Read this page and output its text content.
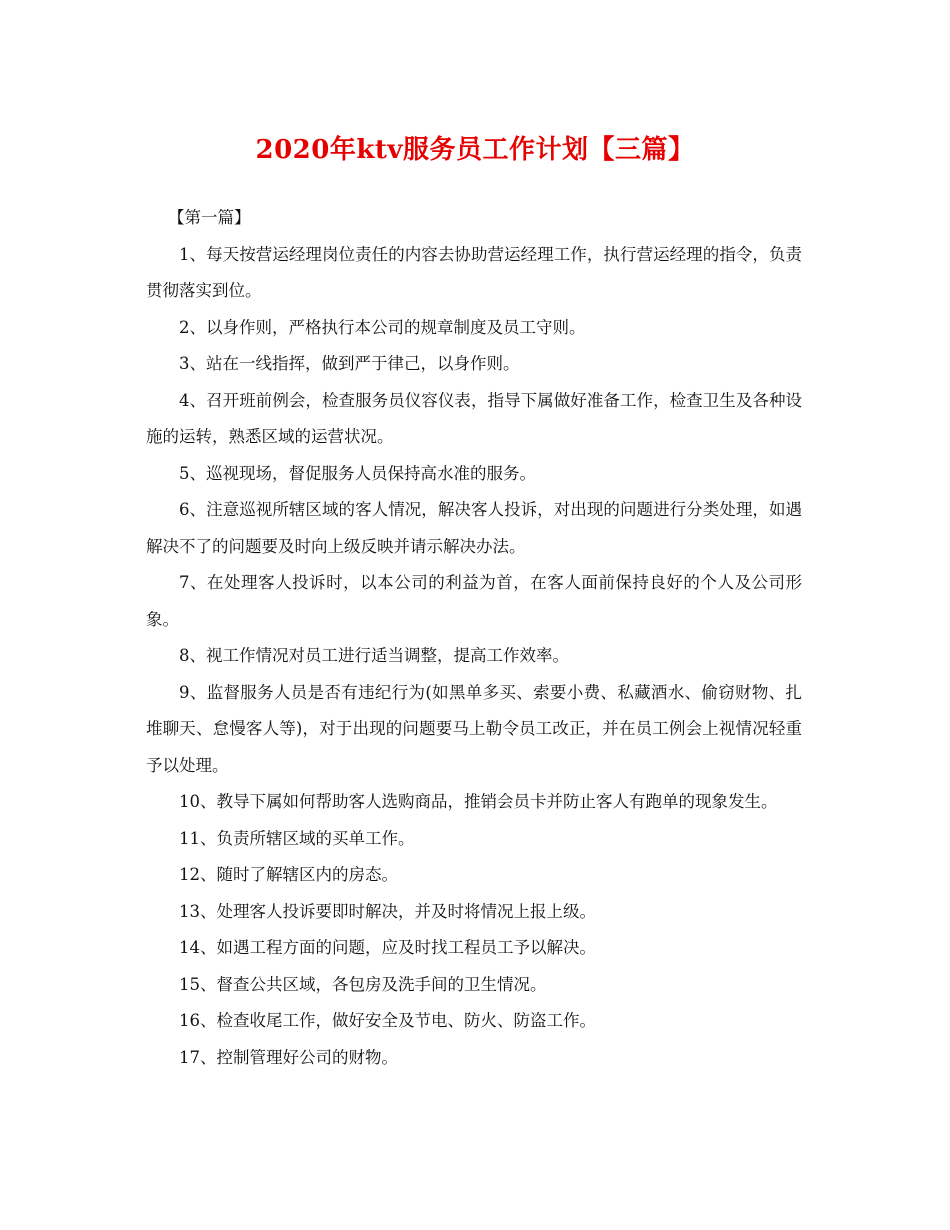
2020年ktv服务员工作计划【三篇】

【第一篇】

1、每天按营运经理岗位责任的内容去协助营运经理工作，执行营运经理的指令，负责贯彻落实到位。

2、以身作则，严格执行本公司的规章制度及员工守则。

3、站在一线指挥，做到严于律己，以身作则。

4、召开班前例会，检查服务员仪容仪表，指导下属做好准备工作，检查卫生及各种设施的运转，熟悉区域的运营状况。

5、巡视现场，督促服务人员保持高水准的服务。

6、注意巡视所辖区域的客人情况，解决客人投诉，对出现的问题进行分类处理，如遇解决不了的问题要及时向上级反映并请示解决办法。

7、在处理客人投诉时，以本公司的利益为首，在客人面前保持良好的个人及公司形象。

8、视工作情况对员工进行适当调整，提高工作效率。

9、监督服务人员是否有违纪行为(如黑单多买、索要小费、私藏酒水、偷窃财物、扎堆聊天、怠慢客人等)，对于出现的问题要马上勒令员工改正，并在员工例会上视情况轻重予以处理。

10、教导下属如何帮助客人选购商品，推销会员卡并防止客人有跑单的现象发生。

11、负责所辖区域的买单工作。

12、随时了解辖区内的房态。

13、处理客人投诉要即时解决，并及时将情况上报上级。

14、如遇工程方面的问题，应及时找工程员工予以解决。

15、督查公共区域，各包房及洗手间的卫生情况。

16、检查收尾工作，做好安全及节电、防火、防盗工作。

17、控制管理好公司的财物。
